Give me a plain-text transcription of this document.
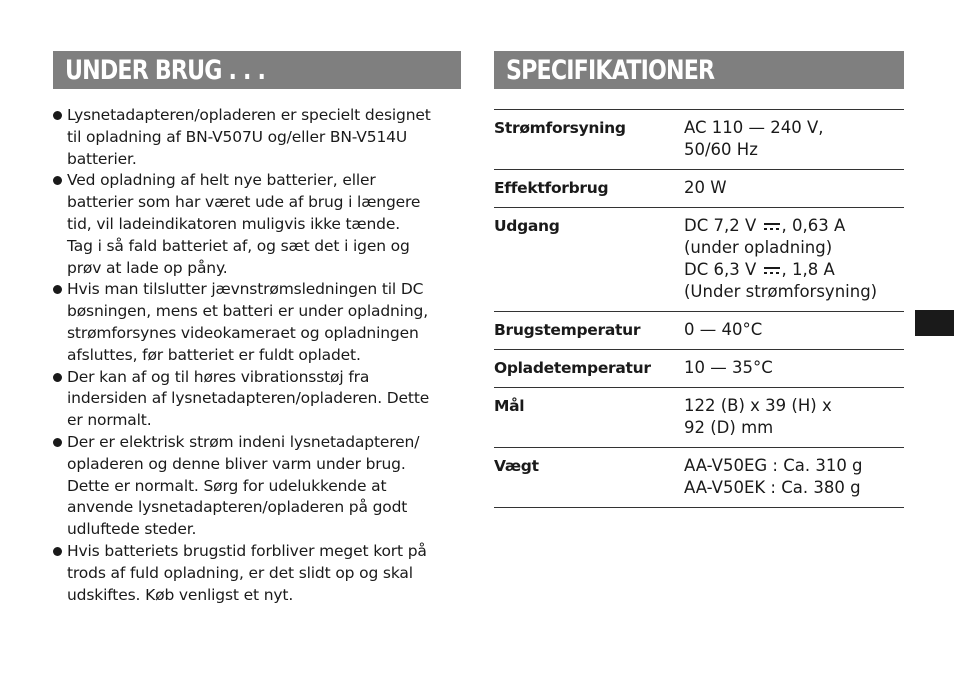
UNDER BRUG . . .
Lysnetadapteren/opladeren er specielt designet
til opladning af BN-V507U og/eller BN-V514U
batterier.
Ved opladning af helt nye batterier, eller
batterier som har været ude af brug i længere
tid, vil ladeindikatoren muligvis ikke tænde.
Tag i så fald batteriet af, og sæt det i igen og
prøv at lade op påny.
Hvis man tilslutter jævnstrømsledningen til DC
bøsningen, mens et batteri er under opladning,
strømforsynes videokameraet og opladningen
afsluttes, før batteriet er fuldt opladet.
Der kan af og til høres vibrationsstøj fra
indersiden af lysnetadapteren/opladeren. Dette
er normalt.
Der er elektrisk strøm indeni lysnetadapteren/
opladeren og denne bliver varm under brug.
Dette er normalt. Sørg for udelukkende at
anvende lysnetadapteren/opladeren på godt
udluftede steder.
Hvis batteriets brugstid forbliver meget kort på
trods af fuld opladning, er det slidt op og skal
udskiftes. Køb venligst et nyt.
SPECIFIKATIONER
Strømforsyning	AC 110 — 240 V,
50/60 Hz
Effektforbrug	20 W
Udgang	DC 7,2 V , 0,63 A
(under opladning)
DC 6,3 V , 1,8 A
(Under strømforsyning)
Brugstemperatur	0 — 40°C
Opladetemperatur	10 — 35°C
Mål	122 (B) x 39 (H) x
92 (D) mm
Vægt	AA-V50EG : Ca. 310 g
AA-V50EK : Ca. 380 g
